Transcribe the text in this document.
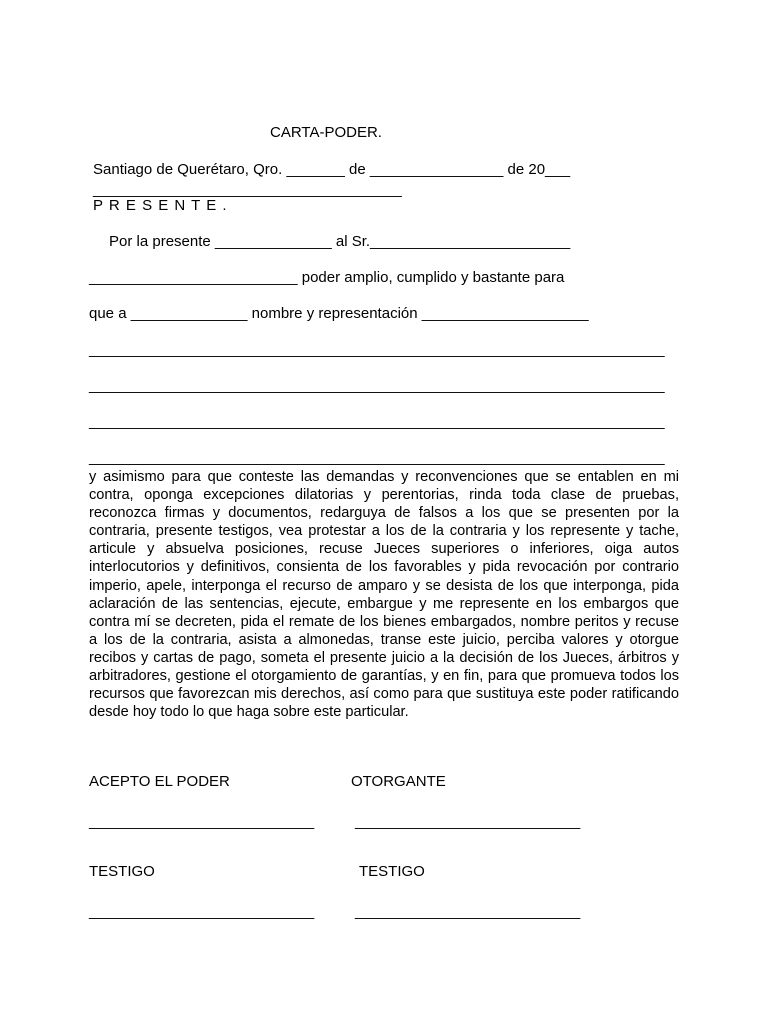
CARTA-PODER.
Santiago de Querétaro, Qro. _______ de ________________ de 20___
_____________________________________
P R E S E N T E .
Por la presente ______________ al Sr.________________________
_________________________ poder amplio, cumplido y bastante para
que a ______________ nombre y representación ____________________
_____________________________________________________________________
_____________________________________________________________________
_____________________________________________________________________
_____________________________________________________________________
y asimismo para que conteste las demandas y reconvenciones que se entablen en mi contra, oponga excepciones dilatorias y perentorias, rinda toda clase de pruebas, reconozca firmas y documentos, redarguya de falsos a los que se presenten por la contraria, presente testigos, vea protestar a los de la contraria y los represente y tache, articule y absuelva posiciones, recuse Jueces superiores o inferiores, oiga autos interlocutorios y definitivos, consienta de los favorables y pida revocación por contrario imperio, apele, interponga el recurso de amparo y se desista de los que interponga, pida aclaración de las sentencias, ejecute, embargue y me represente en los embargos que contra mí se decreten, pida el remate de los bienes embargados, nombre peritos y recuse a los de la contraria, asista a almonedas, transe este juicio, perciba valores y otorgue recibos y cartas de pago, someta el presente juicio a la decisión de los Jueces, árbitros y arbitradores, gestione el otorgamiento de garantías, y en fin, para que promueva todos los recursos que favorezcan mis derechos, así como para que sustituya este poder ratificando desde hoy todo lo que haga sobre este particular.
ACEPTO EL PODER	OTORGANTE
___________________________	___________________________
TESTIGO	TESTIGO
___________________________	___________________________
